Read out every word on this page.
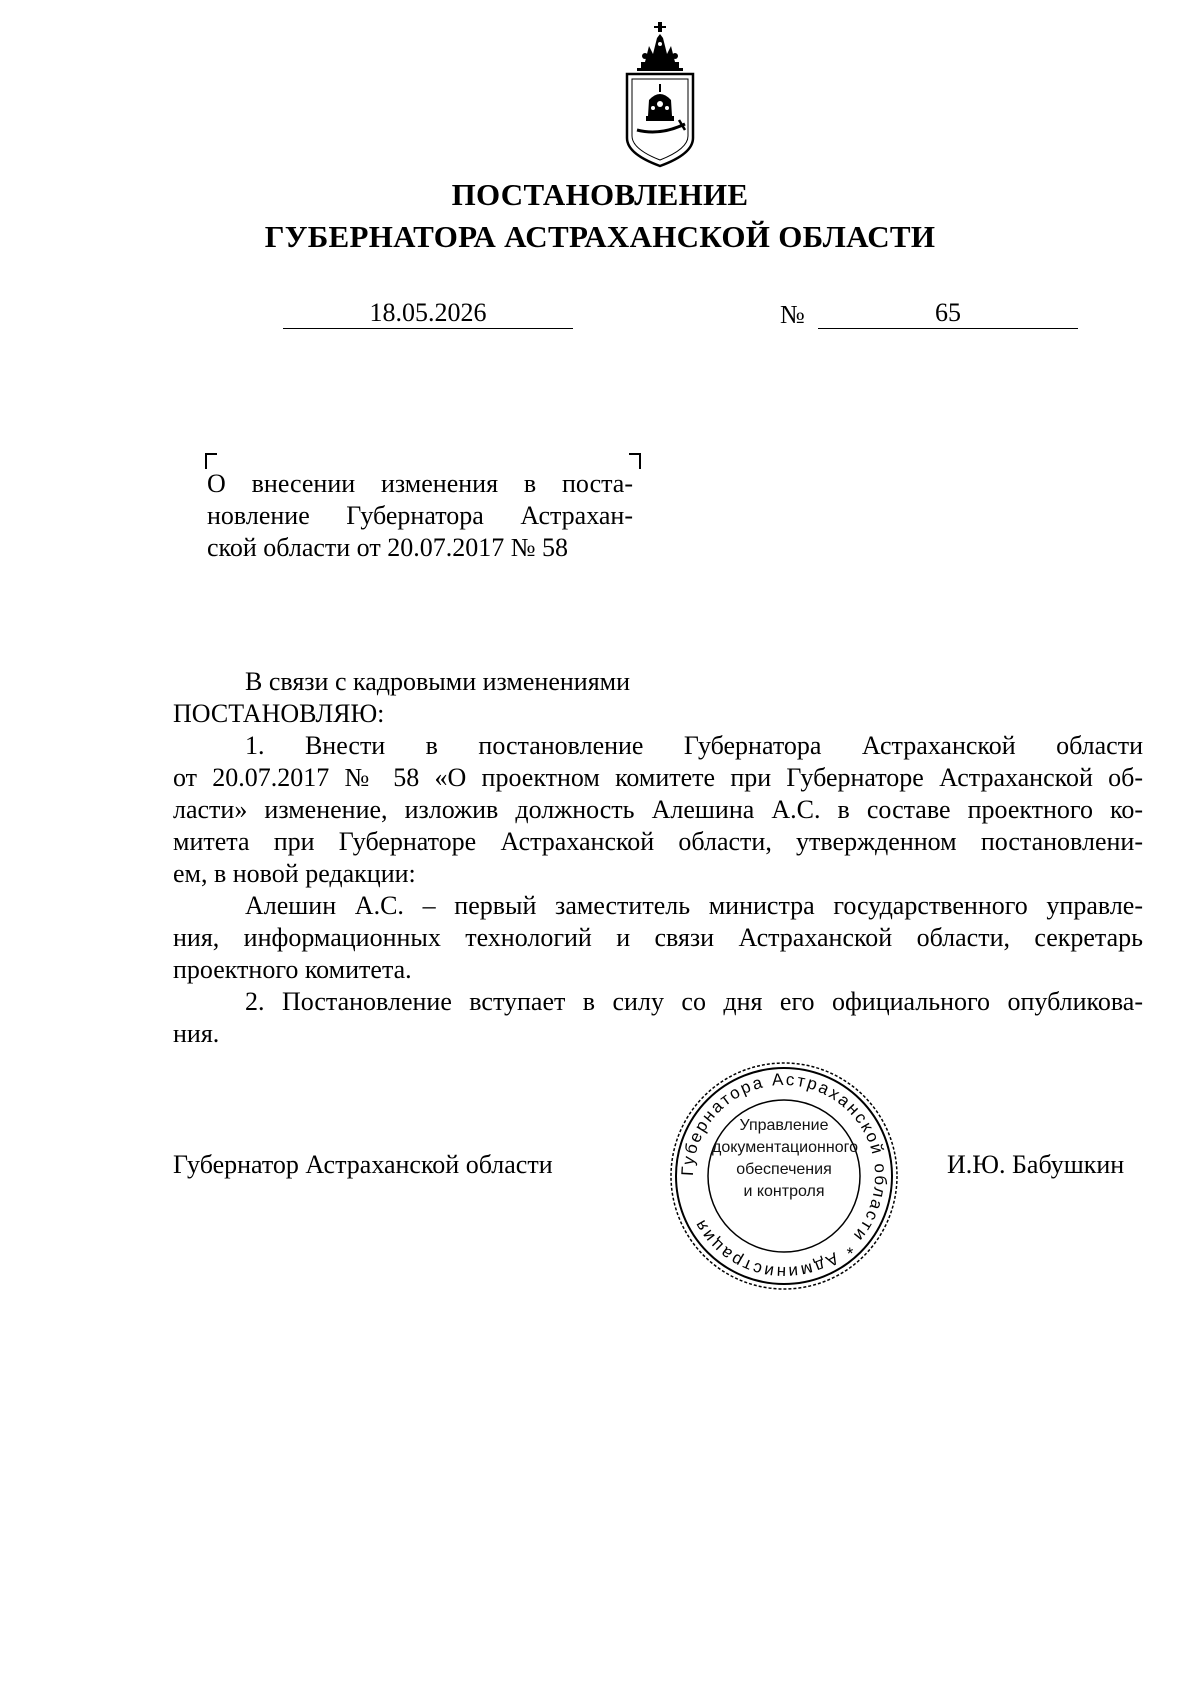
ПОСТАНОВЛЕНИЕ
ГУБЕРНАТОРА АСТРАХАНСКОЙ ОБЛАСТИ
18.05.2026	№	65
О внесении изменения в поста-
новление Губернатора Астрахан-
ской области от 20.07.2017 № 58
В связи с кадровыми изменениями
ПОСТАНОВЛЯЮ:
1. Внести в постановление Губернатора Астраханской области
от 20.07.2017 № 58 «О проектном комитете при Губернаторе Астраханской об-
ласти» изменение, изложив должность Алешина А.С. в составе проектного ко-
митета при Губернаторе Астраханской области, утвержденном постановлени-
ем, в новой редакции:
Алешин А.С. – первый заместитель министра государственного управле-
ния, информационных технологий и связи Астраханской области, секретарь
проектного комитета.
2. Постановление вступает в силу со дня его официального опубликова-
ния.
Губернатора Астраханской области * Администрация
Управление
документационного
обеспечения
и контроля
Губернатор Астраханской области	И.Ю. Бабушкин
